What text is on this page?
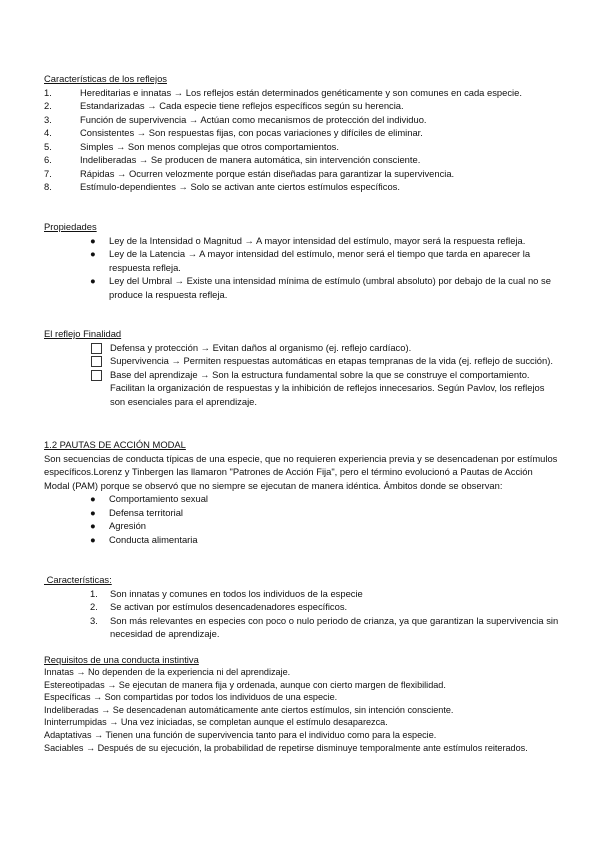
Características de los reflejos
1.	Hereditarias e innatas → Los reflejos están determinados genéticamente y son comunes en cada especie.
2.	Estandarizadas → Cada especie tiene reflejos específicos según su herencia.
3.	Función de supervivencia → Actúan como mecanismos de protección del individuo.
4.	Consistentes → Son respuestas fijas, con pocas variaciones y difíciles de eliminar.
5.	Simples → Son menos complejas que otros comportamientos.
6.	Indeliberadas → Se producen de manera automática, sin intervención consciente.
7.	Rápidas → Ocurren velozmente porque están diseñadas para garantizar la supervivencia.
8.	Estímulo-dependientes → Solo se activan ante ciertos estímulos específicos.
Propiedades
●	Ley de la Intensidad o Magnitud → A mayor intensidad del estímulo, mayor será la respuesta refleja.
●	Ley de la Latencia → A mayor intensidad del estímulo, menor será el tiempo que tarda en aparecer la respuesta refleja.
●	Ley del Umbral → Existe una intensidad mínima de estímulo (umbral absoluto) por debajo de la cual no se produce la respuesta refleja.
El reflejo Finalidad
Defensa y protección → Evitan daños al organismo (ej. reflejo cardíaco).
Supervivencia → Permiten respuestas automáticas en etapas tempranas de la vida (ej. reflejo de succión).
Base del aprendizaje → Son la estructura fundamental sobre la que se construye el comportamiento. Facilitan la organización de respuestas y la inhibición de reflejos innecesarios. Según Pavlov, los reflejos son esenciales para el aprendizaje.
1.2 PAUTAS DE ACCIÓN MODAL
Son secuencias de conducta típicas de una especie, que no requieren experiencia previa y se desencadenan por estímulos específicos.Lorenz y Tinbergen las llamaron "Patrones de Acción Fija", pero el término evolucionó a Pautas de Acción Modal (PAM) porque se observó que no siempre se ejecutan de manera idéntica. Ámbitos donde se observan:
●	Comportamiento sexual
●	Defensa territorial
●	Agresión
●	Conducta alimentaria
Características:
1.	Son innatas y comunes en todos los individuos de la especie
2.	Se activan por estímulos desencadenadores específicos.
3.	Son más relevantes en especies con poco o nulo periodo de crianza, ya que garantizan la supervivencia sin necesidad de aprendizaje.
Requisitos de una conducta instintiva

Innatas → No dependen de la experiencia ni del aprendizaje.

Estereotipadas → Se ejecutan de manera fija y ordenada, aunque con cierto margen de flexibilidad.

Específicas → Son compartidas por todos los individuos de una especie.

Indeliberadas → Se desencadenan automáticamente ante ciertos estímulos, sin intención consciente.

Ininterrumpidas → Una vez iniciadas, se completan aunque el estímulo desaparezca.

Adaptativas → Tienen una función de supervivencia tanto para el individuo como para la especie.

Saciables → Después de su ejecución, la probabilidad de repetirse disminuye temporalmente ante estímulos reiterados.
